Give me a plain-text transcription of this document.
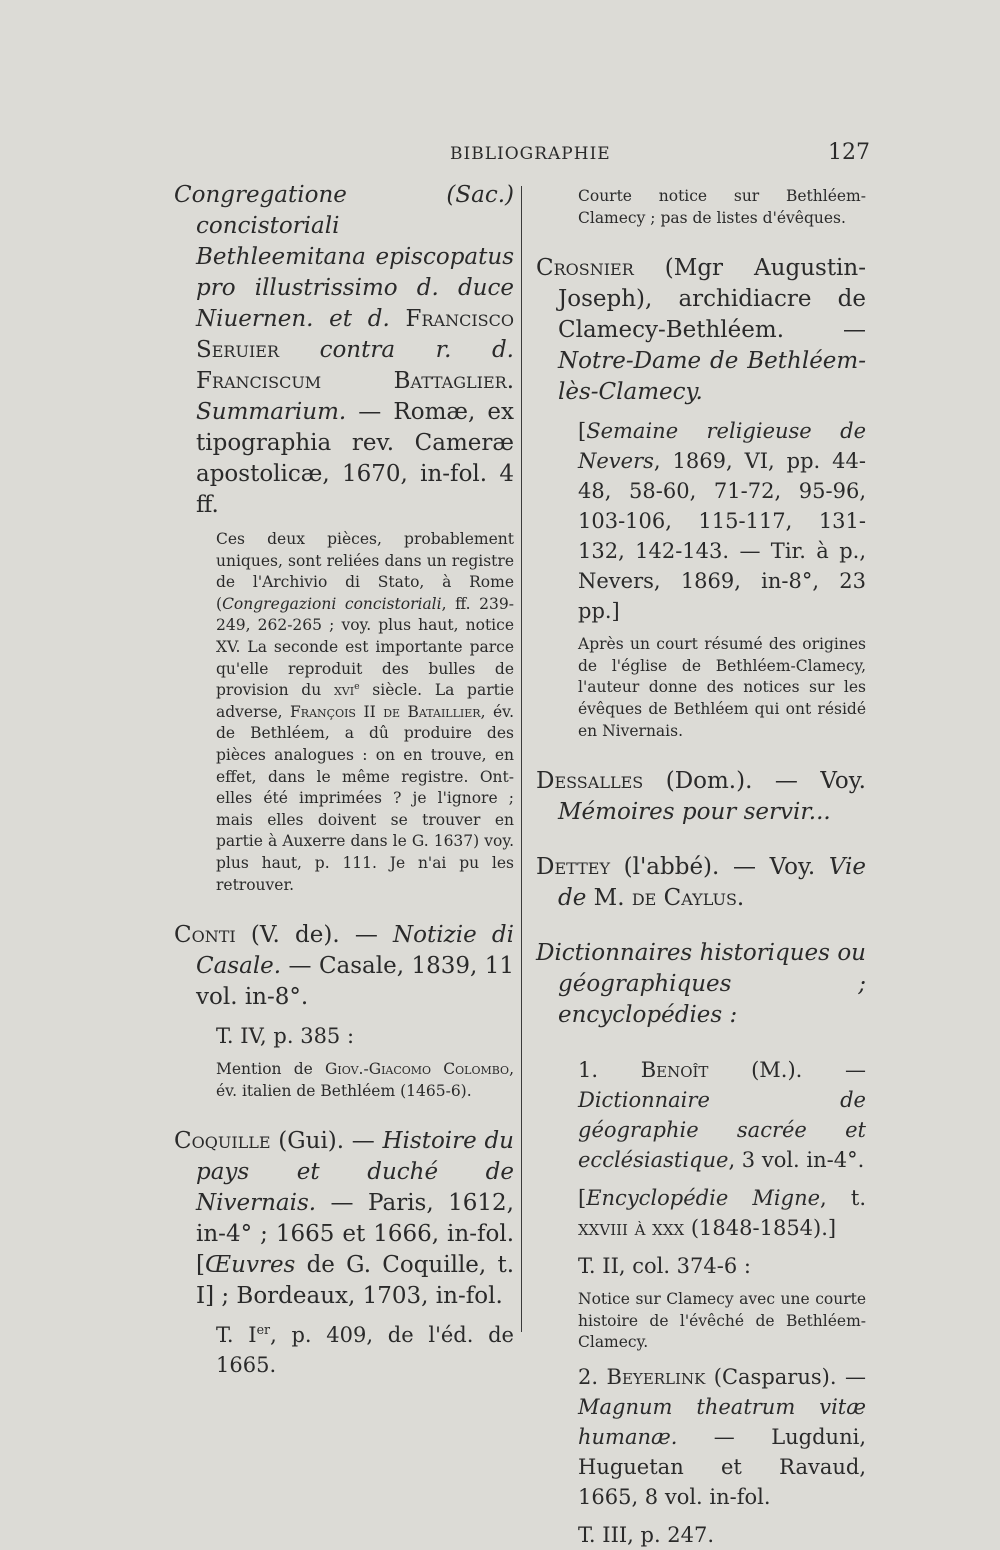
BIBLIOGRAPHIE	127

Congregatione (Sac.) concistoriali Bethleemitana episcopatus pro illustrissimo d. duce Niuernen. et d. Francisco Seruier contra r. d. Franciscum Battaglier. Summarium. — Romæ, ex tipographia rev. Cameræ apostolicæ, 1670, in-fol. 4 ff.

Ces deux pièces, probablement uniques, sont reliées dans un registre de l'Archivio di Stato, à Rome (Congregazioni concistoriali, ff. 239-249, 262-265 ; voy. plus haut, notice XV. La seconde est importante parce qu'elle reproduit des bulles de provision du xvi$^e$ siècle. La partie adverse, François II de Bataillier, év. de Bethléem, a dû produire des pièces analogues : on en trouve, en effet, dans le même registre. Ont-elles été imprimées ? je l'ignore ; mais elles doivent se trouver en partie à Auxerre dans le G. 1637) voy. plus haut, p. 111. Je n'ai pu les retrouver.

Conti (V. de). — Notizie di Casale. — Casale, 1839, 11 vol. in-8°.

T. IV, p. 385 :

Mention de Giov.-Giacomo Colombo, év. italien de Bethléem (1465-6).

Coquille (Gui). — Histoire du pays et duché de Nivernais. — Paris, 1612, in-4° ; 1665 et 1666, in-fol. [Œuvres de G. Coquille, t. I] ; Bordeaux, 1703, in-fol.

T. Ier, p. 409, de l'éd. de 1665.

Courte notice sur Bethléem-Clamecy ; pas de listes d'évêques.

Crosnier (Mgr Augustin-Joseph), archidiacre de Clamecy-Bethléem. — Notre-Dame de Bethléem-lès-Clamecy.

[Semaine religieuse de Nevers, 1869, VI, pp. 44-48, 58-60, 71-72, 95-96, 103-106, 115-117, 131-132, 142-143. — Tir. à p., Nevers, 1869, in-8°, 23 pp.]

Après un court résumé des origines de l'église de Bethléem-Clamecy, l'auteur donne des notices sur les évêques de Bethléem qui ont résidé en Nivernais.

Dessalles (Dom.). — Voy. Mémoires pour servir...

Dettey (l'abbé). — Voy. Vie de M. de Caylus.

Dictionnaires historiques ou géographiques ; encyclopédies :

1. Benoît (M.). — Dictionnaire de géographie sacrée et ecclésiastique, 3 vol. in-4°.

[Encyclopédie Migne, t. xxviii à xxx (1848-1854).]

T. II, col. 374-6 :

Notice sur Clamecy avec une courte histoire de l'évêché de Bethléem-Clamecy.

2. Beyerlink (Casparus). — Magnum theatrum vitæ humanæ. — Lugduni, Huguetan et Ravaud, 1665, 8 vol. in-fol.

T. III, p. 247.
